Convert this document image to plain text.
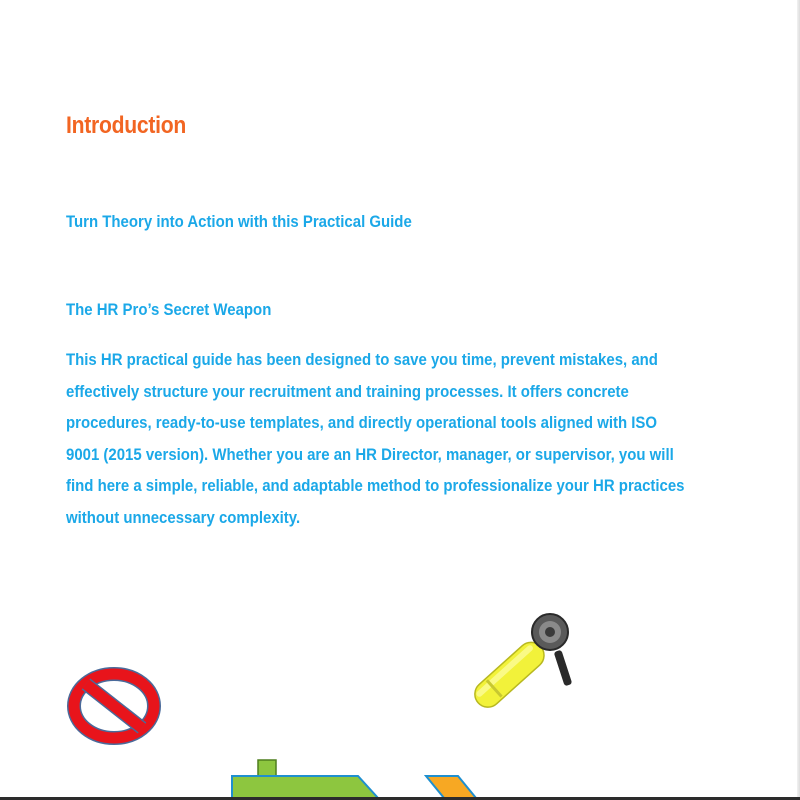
Introduction
Turn Theory into Action with this Practical Guide
The HR Pro’s Secret Weapon
This HR practical guide has been designed to save you time, prevent mistakes, and
effectively structure your recruitment and training processes. It offers concrete
procedures, ready-to-use templates, and directly operational tools aligned with ISO
9001 (2015 version). Whether you are an HR Director, manager, or supervisor, you will
find here a simple, reliable, and adaptable method to professionalize your HR practices
without unnecessary complexity.
